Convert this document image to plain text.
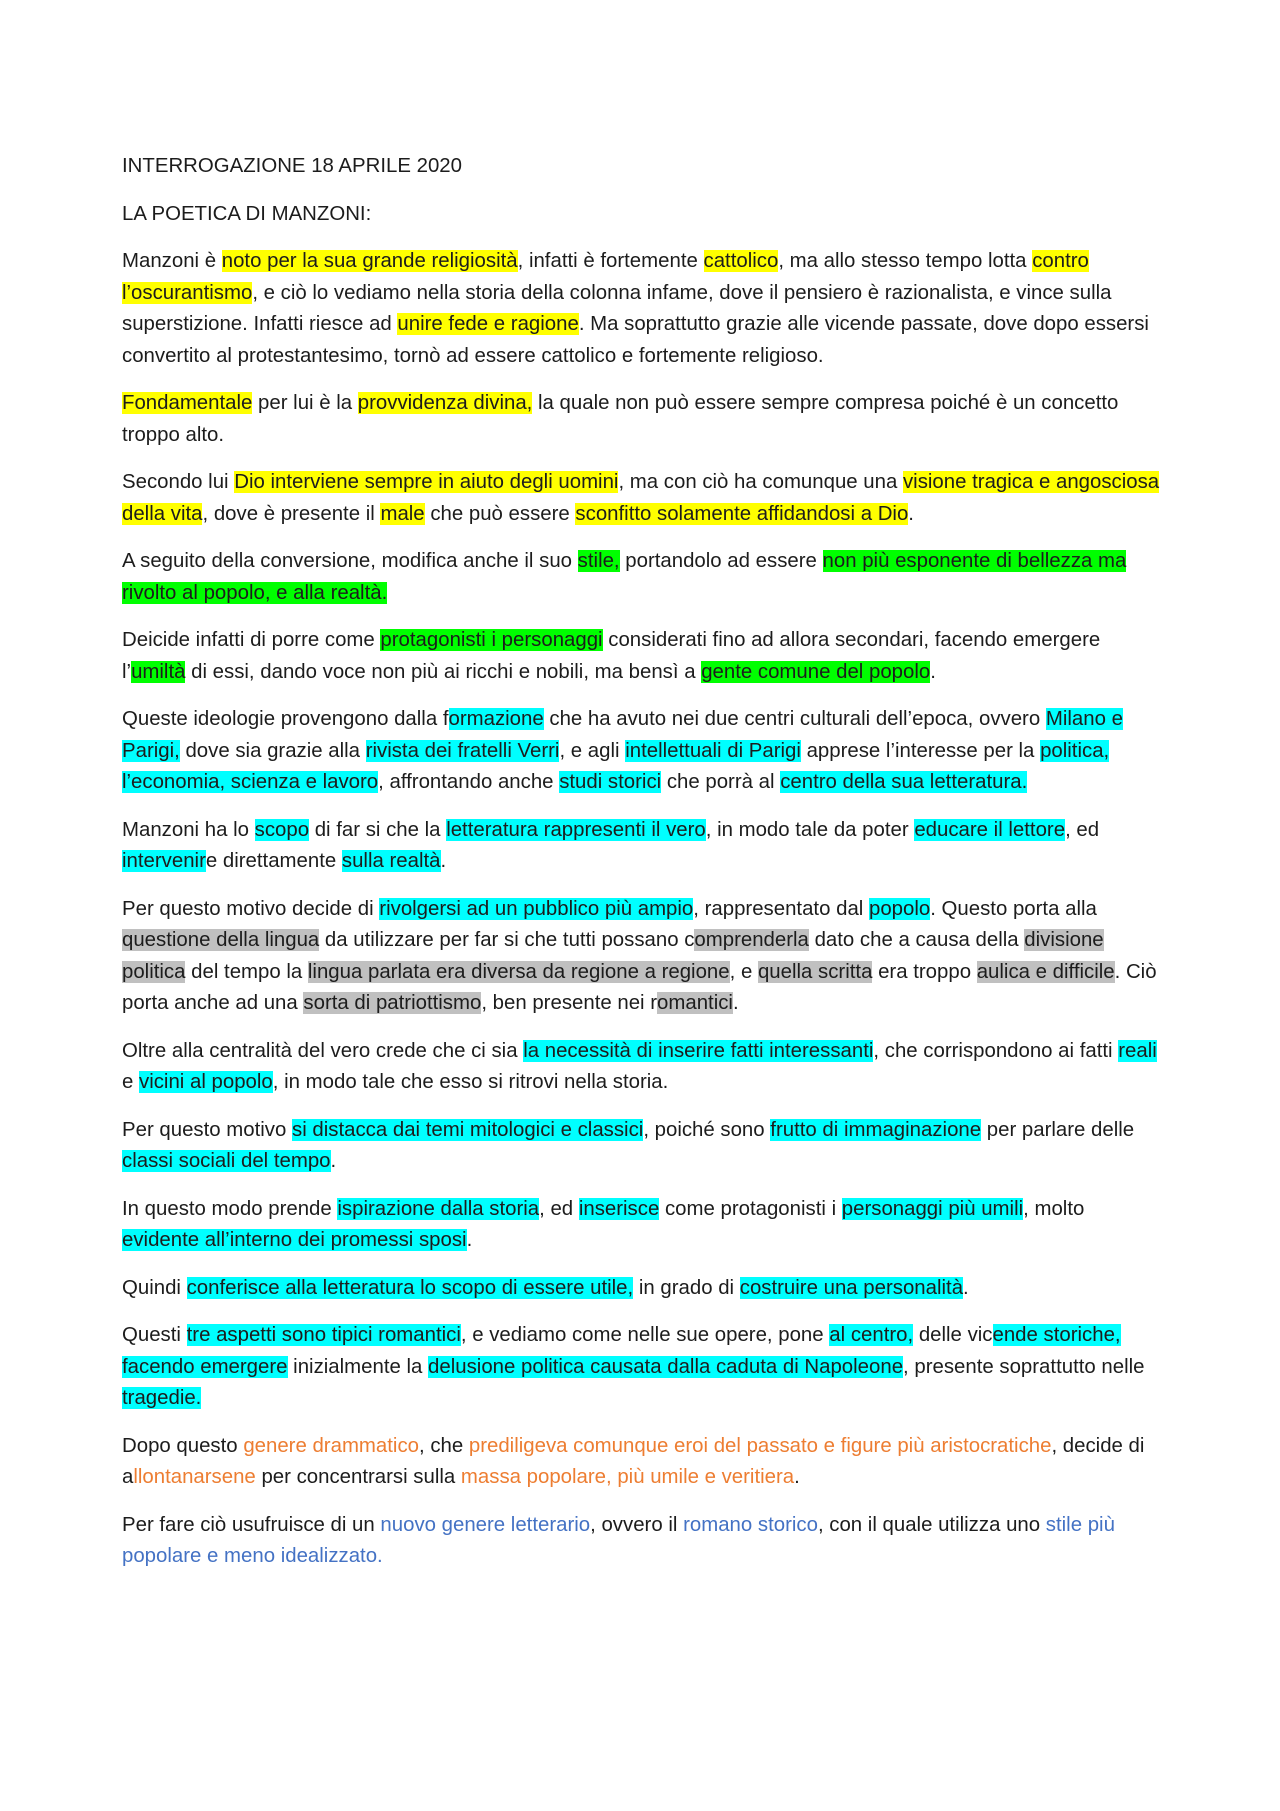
INTERROGAZIONE 18 APRILE 2020

LA POETICA DI MANZONI:

Manzoni è noto per la sua grande religiosità, infatti è fortemente cattolico, ma allo stesso tempo lotta contro l’oscurantismo, e ciò lo vediamo nella storia della colonna infame, dove il pensiero è razionalista, e vince sulla superstizione. Infatti riesce ad unire fede e ragione. Ma soprattutto grazie alle vicende passate, dove dopo essersi convertito al protestantesimo, tornò ad essere cattolico e fortemente religioso.

Fondamentale per lui è la provvidenza divina, la quale non può essere sempre compresa poiché è un concetto troppo alto.

Secondo lui Dio interviene sempre in aiuto degli uomini, ma con ciò ha comunque una visione tragica e angosciosa della vita, dove è presente il male che può essere sconfitto solamente affidandosi a Dio.

A seguito della conversione, modifica anche il suo stile, portandolo ad essere non più esponente di bellezza ma rivolto al popolo, e alla realtà.

Deicide infatti di porre come protagonisti i personaggi considerati fino ad allora secondari, facendo emergere l’umiltà di essi, dando voce non più ai ricchi e nobili, ma bensì a gente comune del popolo.

Queste ideologie provengono dalla formazione che ha avuto nei due centri culturali dell’epoca, ovvero Milano e Parigi, dove sia grazie alla rivista dei fratelli Verri, e agli intellettuali di Parigi apprese l’interesse per la politica, l’economia, scienza e lavoro, affrontando anche studi storici che porrà al centro della sua letteratura.

Manzoni ha lo scopo di far si che la letteratura rappresenti il vero, in modo tale da poter educare il lettore, ed intervenire direttamente sulla realtà.

Per questo motivo decide di rivolgersi ad un pubblico più ampio, rappresentato dal popolo. Questo porta alla questione della lingua da utilizzare per far si che tutti possano comprenderla dato che a causa della divisione politica del tempo la lingua parlata era diversa da regione a regione, e quella scritta era troppo aulica e difficile. Ciò porta anche ad una sorta di patriottismo, ben presente nei romantici.

Oltre alla centralità del vero crede che ci sia la necessità di inserire fatti interessanti, che corrispondono ai fatti reali e vicini al popolo, in modo tale che esso si ritrovi nella storia.

Per questo motivo si distacca dai temi mitologici e classici, poiché sono frutto di immaginazione per parlare delle classi sociali del tempo.

In questo modo prende ispirazione dalla storia, ed inserisce come protagonisti i personaggi più umili, molto evidente all’interno dei promessi sposi.

Quindi conferisce alla letteratura lo scopo di essere utile, in grado di costruire una personalità.

Questi tre aspetti sono tipici romantici, e vediamo come nelle sue opere, pone al centro, delle vicende storiche, facendo emergere inizialmente la delusione politica causata dalla caduta di Napoleone, presente soprattutto nelle tragedie.

Dopo questo genere drammatico, che prediligeva comunque eroi del passato e figure più aristocratiche, decide di allontanarsene per concentrarsi sulla massa popolare, più umile e veritiera.

Per fare ciò usufruisce di un nuovo genere letterario, ovvero il romano storico, con il quale utilizza uno stile più popolare e meno idealizzato.
